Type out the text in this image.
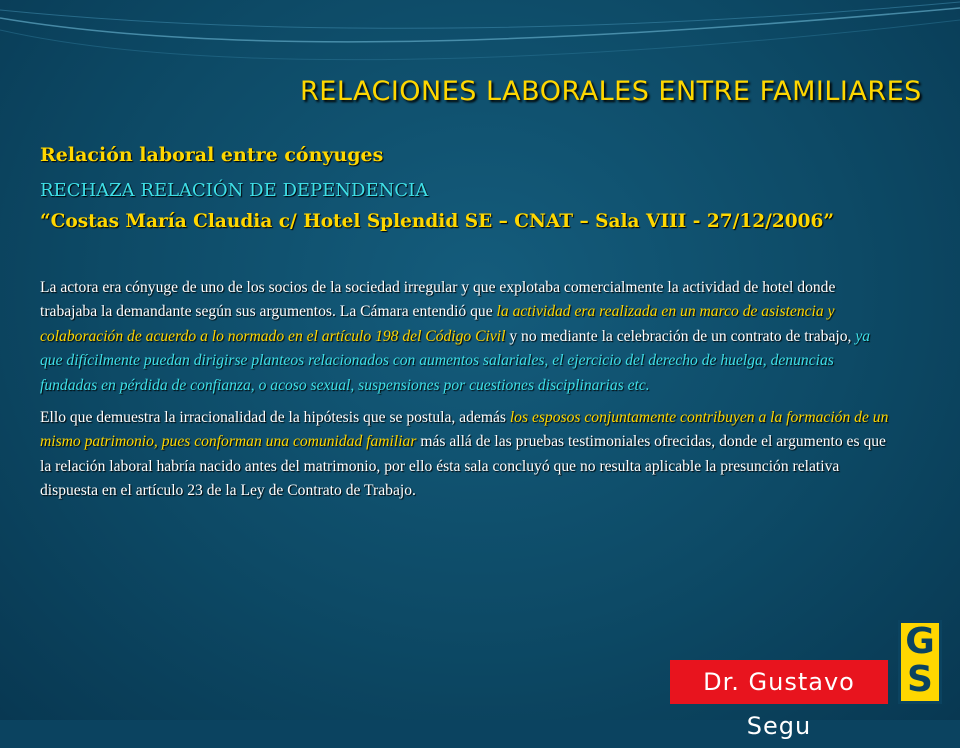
RELACIONES LABORALES ENTRE FAMILIARES
Relación laboral entre cónyuges
RECHAZA RELACIÓN DE DEPENDENCIA
“Costas María Claudia c/ Hotel Splendid SE – CNAT – Sala VIII - 27/12/2006”

La actora era cónyuge de uno de los socios de la sociedad irregular y que explotaba comercialmente la actividad de hotel donde trabajaba la demandante según sus argumentos. La Cámara entendió que la actividad era realizada en un marco de asistencia y colaboración de acuerdo a lo normado en el artículo 198 del Código Civil y no mediante la celebración de un contrato de trabajo, ya que difícilmente puedan dirigirse planteos relacionados con aumentos salariales, el ejercicio del derecho de huelga, denuncias fundadas en pérdida de confianza, o acoso sexual, suspensiones por cuestiones disciplinarias etc.

Ello que demuestra la irracionalidad de la hipótesis que se postula, además los esposos conjuntamente contribuyen a la formación de un mismo patrimonio, pues conforman una comunidad familiar más allá de las pruebas testimoniales ofrecidas, donde el argumento es que la relación laboral habría nacido antes del matrimonio, por ello ésta sala concluyó que no resulta aplicable la presunción relativa dispuesta en el artículo 23 de la Ley de Contrato de Trabajo.

Dr. Gustavo Segu
G
S
